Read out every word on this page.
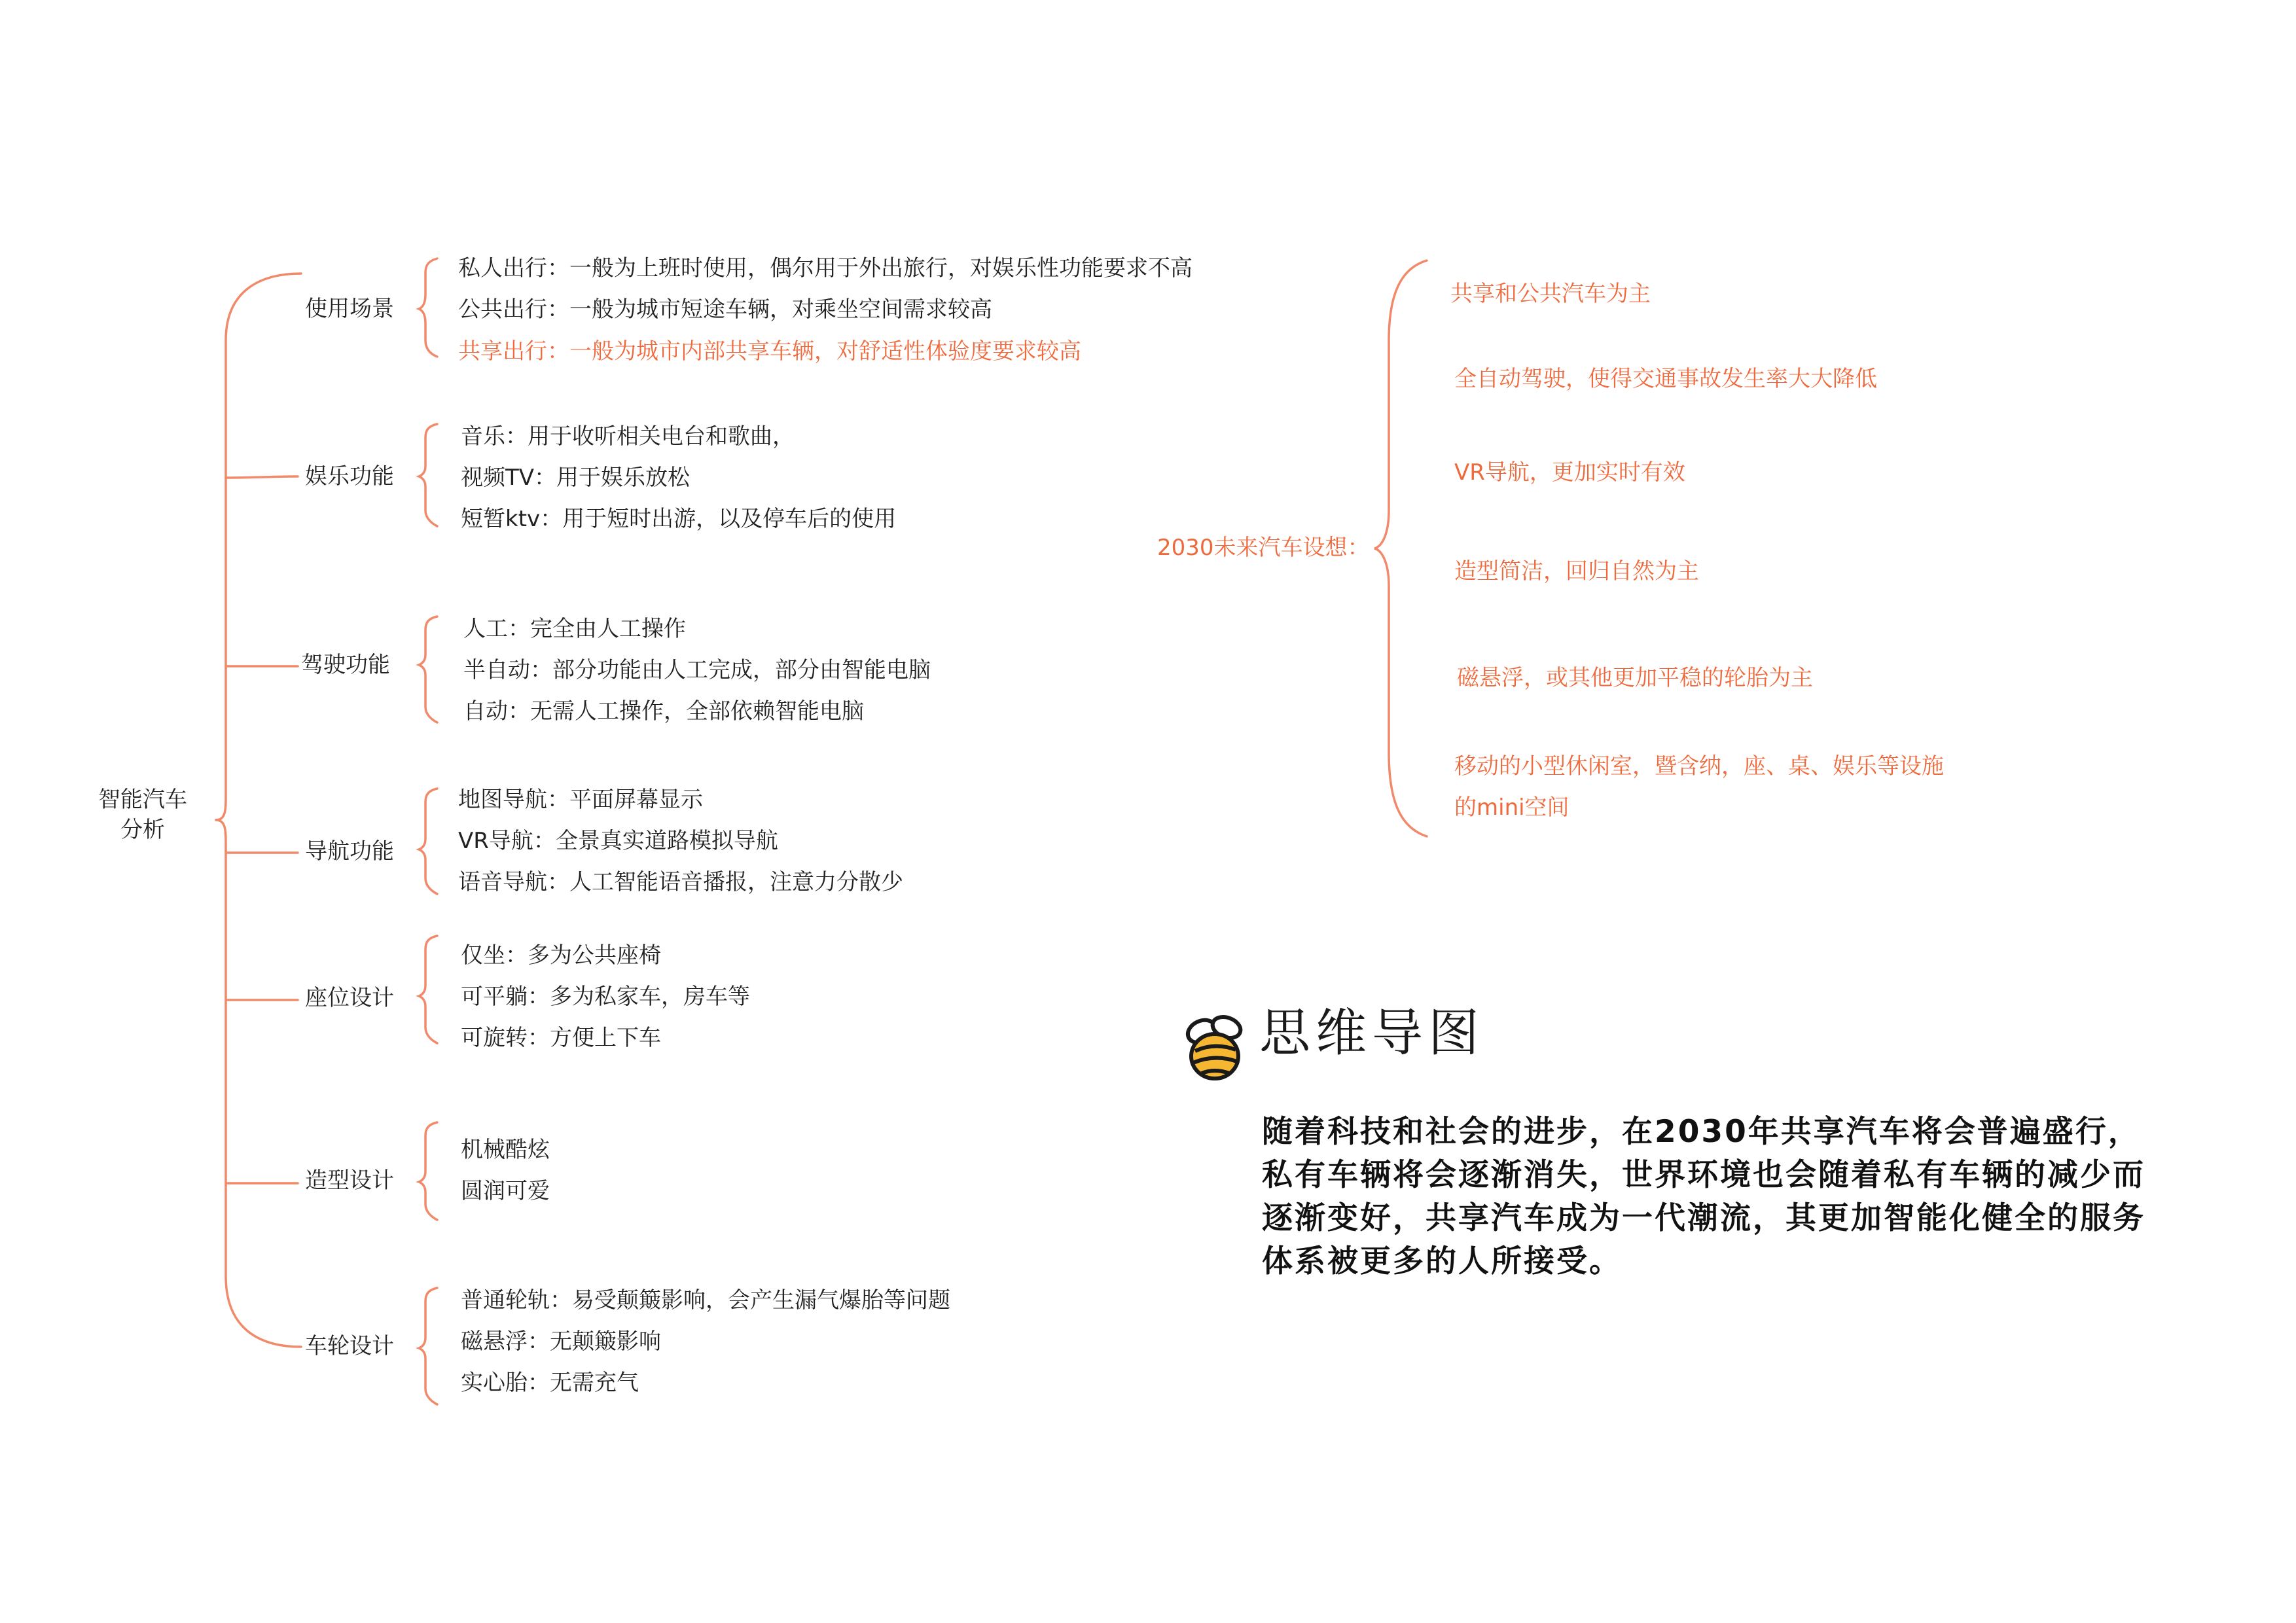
智能汽车
分析
使用场景
娱乐功能
驾驶功能
导航功能
座位设计
造型设计
车轮设计
私人出行：一般为上班时使用，偶尔用于外出旅行，对娱乐性功能要求不高
公共出行：一般为城市短途车辆，对乘坐空间需求较高
共享出行：一般为城市内部共享车辆，对舒适性体验度要求较高
音乐：用于收听相关电台和歌曲，
视频TV：用于娱乐放松
短暂ktv：用于短时出游，以及停车后的使用
人工：完全由人工操作
半自动：部分功能由人工完成，部分由智能电脑
自动：无需人工操作，全部依赖智能电脑
地图导航：平面屏幕显示
VR导航：全景真实道路模拟导航
语音导航：人工智能语音播报，注意力分散少
仅坐：多为公共座椅
可平躺：多为私家车，房车等
可旋转：方便上下车
机械酷炫
圆润可爱
普通轮轨：易受颠簸影响，会产生漏气爆胎等问题
磁悬浮：无颠簸影响
实心胎：无需充气
2030未来汽车设想：
共享和公共汽车为主
全自动驾驶，使得交通事故发生率大大降低
VR导航，更加实时有效
造型简洁，回归自然为主
磁悬浮，或其他更加平稳的轮胎为主
移动的小型休闲室，暨含纳，座、桌、娱乐等设施
的mini空间
思维导图
随着科技和社会的进步，在2030年共享汽车将会普遍盛行，私有车辆将会逐渐消失，世界环境也会随着私有车辆的减少而逐渐变好，共享汽车成为一代潮流，其更加智能化健全的服务体系被更多的人所接受。
